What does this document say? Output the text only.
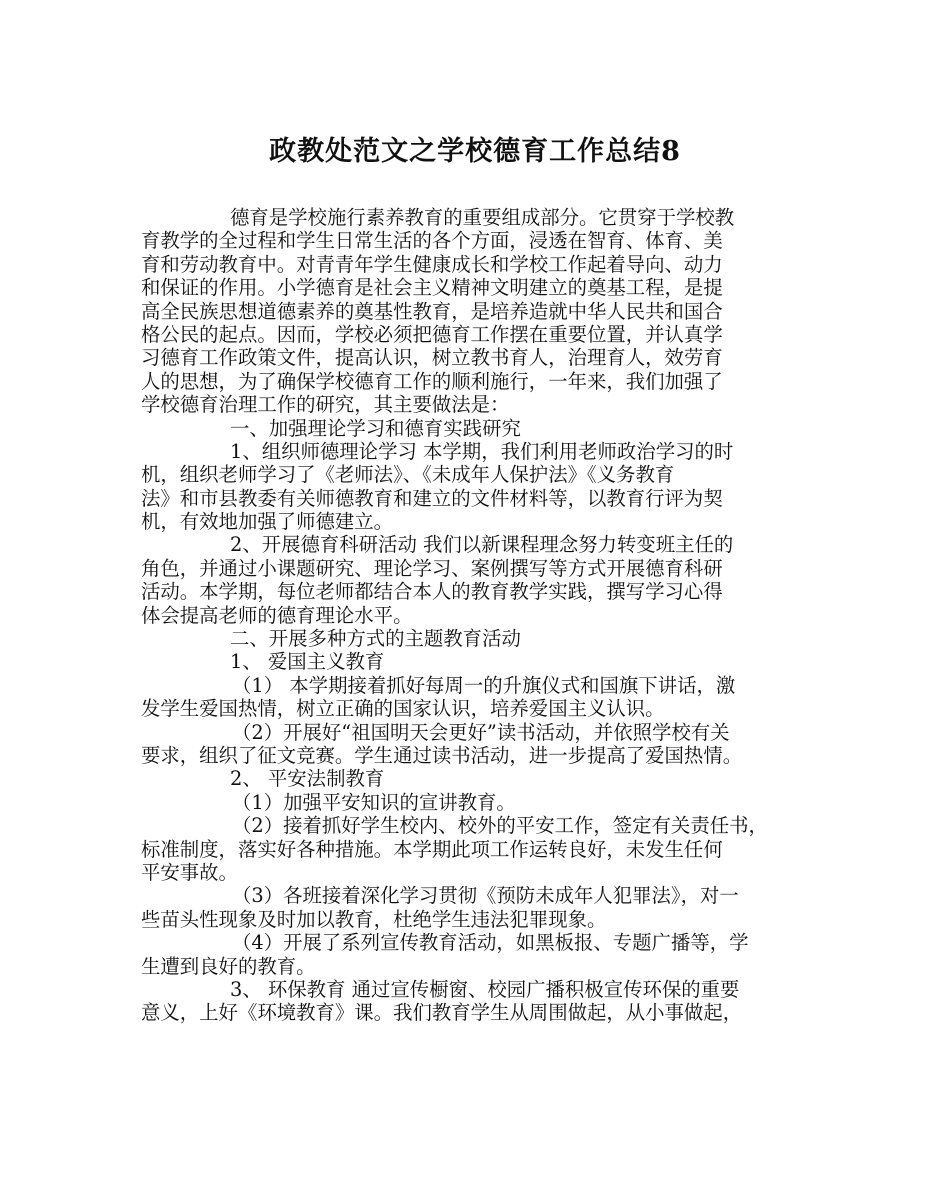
政教处范文之学校德育工作总结8
德育是学校施行素养教育的重要组成部分。它贯穿于学校教
育教学的全过程和学生日常生活的各个方面，浸透在智育、体育、美
育和劳动教育中。对青青年学生健康成长和学校工作起着导向、动力
和保证的作用。小学德育是社会主义精神文明建立的奠基工程，是提
高全民族思想道德素养的奠基性教育，是培养造就中华人民共和国合
格公民的起点。因而，学校必须把德育工作摆在重要位置，并认真学
习德育工作政策文件，提高认识，树立教书育人，治理育人，效劳育
人的思想，为了确保学校德育工作的顺利施行，一年来，我们加强了
学校德育治理工作的研究，其主要做法是：
一、加强理论学习和德育实践研究
1、组织师德理论学习 本学期，我们利用老师政治学习的时
机，组织老师学习了《老师法》、《未成年人保护法》《义务教育
法》和市县教委有关师德教育和建立的文件材料等，以教育行评为契
机，有效地加强了师德建立。
2、开展德育科研活动 我们以新课程理念努力转变班主任的
角色，并通过小课题研究、理论学习、案例撰写等方式开展德育科研
活动。本学期，每位老师都结合本人的教育教学实践，撰写学习心得
体会提高老师的德育理论水平。
二、开展多种方式的主题教育活动
1、 爱国主义教育
（1） 本学期接着抓好每周一的升旗仪式和国旗下讲话，激
发学生爱国热情，树立正确的国家认识，培养爱国主义认识。
（2）开展好“祖国明天会更好”读书活动，并依照学校有关
要求，组织了征文竞赛。学生通过读书活动，进一步提高了爱国热情。
2、 平安法制教育
（1）加强平安知识的宣讲教育。
（2）接着抓好学生校内、校外的平安工作，签定有关责任书，
标准制度，落实好各种措施。本学期此项工作运转良好，未发生任何
平安事故。
（3）各班接着深化学习贯彻《预防未成年人犯罪法》，对一
些苗头性现象及时加以教育，杜绝学生违法犯罪现象。
（4）开展了系列宣传教育活动，如黑板报、专题广播等，学
生遭到良好的教育。
3、 环保教育 通过宣传橱窗、校园广播积极宣传环保的重要
意义，上好《环境教育》课。我们教育学生从周围做起，从小事做起，
